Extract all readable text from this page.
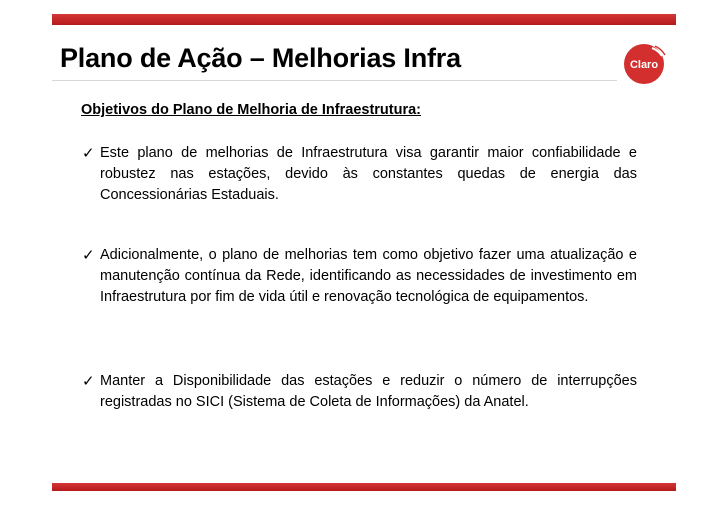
Plano de Ação – Melhorias Infra	Claro
Objetivos do Plano de Melhoria de Infraestrutura:
✓ Este plano de melhorias de Infraestrutura visa garantir maior confiabilidade e robustez nas estações, devido às constantes quedas de energia das Concessionárias Estaduais.
✓ Adicionalmente, o plano de melhorias tem como objetivo fazer uma atualização e manutenção contínua da Rede, identificando as necessidades de investimento em Infraestrutura por fim de vida útil e renovação tecnológica de equipamentos.
✓ Manter a Disponibilidade das estações e reduzir o número de interrupções registradas no SICI (Sistema de Coleta de Informações) da Anatel.
